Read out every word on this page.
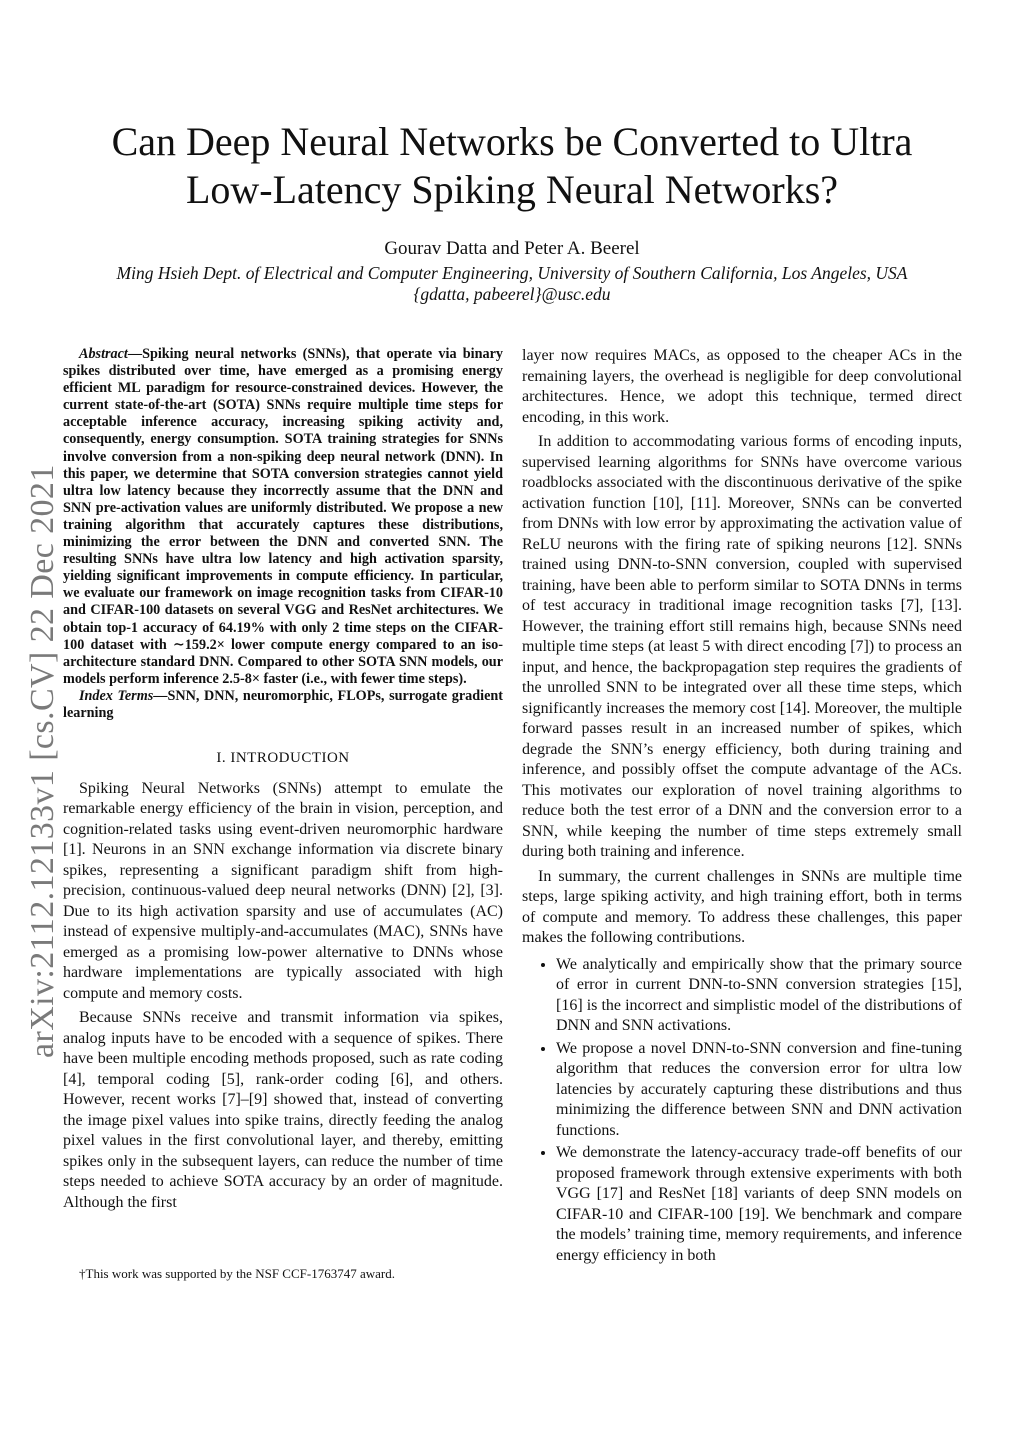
Can Deep Neural Networks be Converted to Ultra
Low-Latency Spiking Neural Networks?
Gourav Datta and Peter A. Beerel
Ming Hsieh Dept. of Electrical and Computer Engineering, University of Southern California, Los Angeles, USA
{gdatta, pabeerel}@usc.edu
arXiv:2112.12133v1 [cs.CV] 22 Dec 2021

Abstract—Spiking neural networks (SNNs), that operate via binary spikes distributed over time, have emerged as a promising energy efficient ML paradigm for resource-constrained devices. However, the current state-of-the-art (SOTA) SNNs require multiple time steps for acceptable inference accuracy, increasing spiking activity and, consequently, energy consumption. SOTA training strategies for SNNs involve conversion from a non-spiking deep neural network (DNN). In this paper, we determine that SOTA conversion strategies cannot yield ultra low latency because they incorrectly assume that the DNN and SNN pre-activation values are uniformly distributed. We propose a new training algorithm that accurately captures these distributions, minimizing the error between the DNN and converted SNN. The resulting SNNs have ultra low latency and high activation sparsity, yielding significant improvements in compute efficiency. In particular, we evaluate our framework on image recognition tasks from CIFAR-10 and CIFAR-100 datasets on several VGG and ResNet architectures. We obtain top-1 accuracy of 64.19% with only 2 time steps on the CIFAR-100 dataset with ∼159.2× lower compute energy compared to an iso-architecture standard DNN. Compared to other SOTA SNN models, our models perform inference 2.5-8× faster (i.e., with fewer time steps).

Index Terms—SNN, DNN, neuromorphic, FLOPs, surrogate gradient learning

I. INTRODUCTION

Spiking Neural Networks (SNNs) attempt to emulate the remarkable energy efficiency of the brain in vision, perception, and cognition-related tasks using event-driven neuromorphic hardware [1]. Neurons in an SNN exchange information via discrete binary spikes, representing a significant paradigm shift from high-precision, continuous-valued deep neural networks (DNN) [2], [3]. Due to its high activation sparsity and use of accumulates (AC) instead of expensive multiply-and-accumulates (MAC), SNNs have emerged as a promising low-power alternative to DNNs whose hardware implementations are typically associated with high compute and memory costs.

Because SNNs receive and transmit information via spikes, analog inputs have to be encoded with a sequence of spikes. There have been multiple encoding methods proposed, such as rate coding [4], temporal coding [5], rank-order coding [6], and others. However, recent works [7]–[9] showed that, instead of converting the image pixel values into spike trains, directly feeding the analog pixel values in the first convolutional layer, and thereby, emitting spikes only in the subsequent layers, can reduce the number of time steps needed to achieve SOTA accuracy by an order of magnitude. Although the first

†This work was supported by the NSF CCF-1763747 award.

layer now requires MACs, as opposed to the cheaper ACs in the remaining layers, the overhead is negligible for deep convolutional architectures. Hence, we adopt this technique, termed direct encoding, in this work.

In addition to accommodating various forms of encoding inputs, supervised learning algorithms for SNNs have overcome various roadblocks associated with the discontinuous derivative of the spike activation function [10], [11]. Moreover, SNNs can be converted from DNNs with low error by approximating the activation value of ReLU neurons with the firing rate of spiking neurons [12]. SNNs trained using DNN-to-SNN conversion, coupled with supervised training, have been able to perform similar to SOTA DNNs in terms of test accuracy in traditional image recognition tasks [7], [13]. However, the training effort still remains high, because SNNs need multiple time steps (at least 5 with direct encoding [7]) to process an input, and hence, the backpropagation step requires the gradients of the unrolled SNN to be integrated over all these time steps, which significantly increases the memory cost [14]. Moreover, the multiple forward passes result in an increased number of spikes, which degrade the SNN’s energy efficiency, both during training and inference, and possibly offset the compute advantage of the ACs. This motivates our exploration of novel training algorithms to reduce both the test error of a DNN and the conversion error to a SNN, while keeping the number of time steps extremely small during both training and inference.

In summary, the current challenges in SNNs are multiple time steps, large spiking activity, and high training effort, both in terms of compute and memory. To address these challenges, this paper makes the following contributions.

• We analytically and empirically show that the primary source of error in current DNN-to-SNN conversion strategies [15], [16] is the incorrect and simplistic model of the distributions of DNN and SNN activations.
• We propose a novel DNN-to-SNN conversion and fine-tuning algorithm that reduces the conversion error for ultra low latencies by accurately capturing these distributions and thus minimizing the difference between SNN and DNN activation functions.
• We demonstrate the latency-accuracy trade-off benefits of our proposed framework through extensive experiments with both VGG [17] and ResNet [18] variants of deep SNN models on CIFAR-10 and CIFAR-100 [19]. We benchmark and compare the models’ training time, memory requirements, and inference energy efficiency in both
